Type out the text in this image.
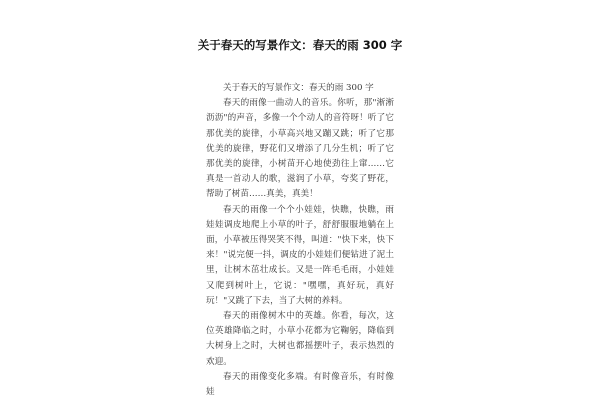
关于春天的写景作文：春天的雨 300 字

关于春天的写景作文：春天的雨 300 字

春天的雨像一曲动人的音乐。你听，那"淅淅沥沥"的声音，多像一个个动人的音符呀！听了它那优美的旋律，小草高兴地又蹦又跳；听了它那优美的旋律，野花们又增添了几分生机；听了它那优美的旋律，小树苗开心地使劲往上窜……它真是一首动人的歌，滋润了小草，夸奖了野花，帮助了树苗……真美，真美！

春天的雨像一个个小娃娃，快瞧，快瞧，雨娃娃调皮地爬上小草的叶子，舒舒服服地躺在上面，小草被压得哭笑不得，叫道："快下来，快下来！"说完便一抖，调皮的小娃娃们便钻进了泥土里，让树木茁壮成长。又是一阵毛毛雨，小娃娃又爬到树叶上，它说："嘿嘿，真好玩，真好玩！"又跳了下去，当了大树的养料。

春天的雨像树木中的英雄。你看，每次，这位英雄降临之时，小草小花都为它鞠躬，降临到大树身上之时，大树也都摇摆叶子，表示热烈的欢迎。

春天的雨像变化多端。有时像音乐，有时像娃
